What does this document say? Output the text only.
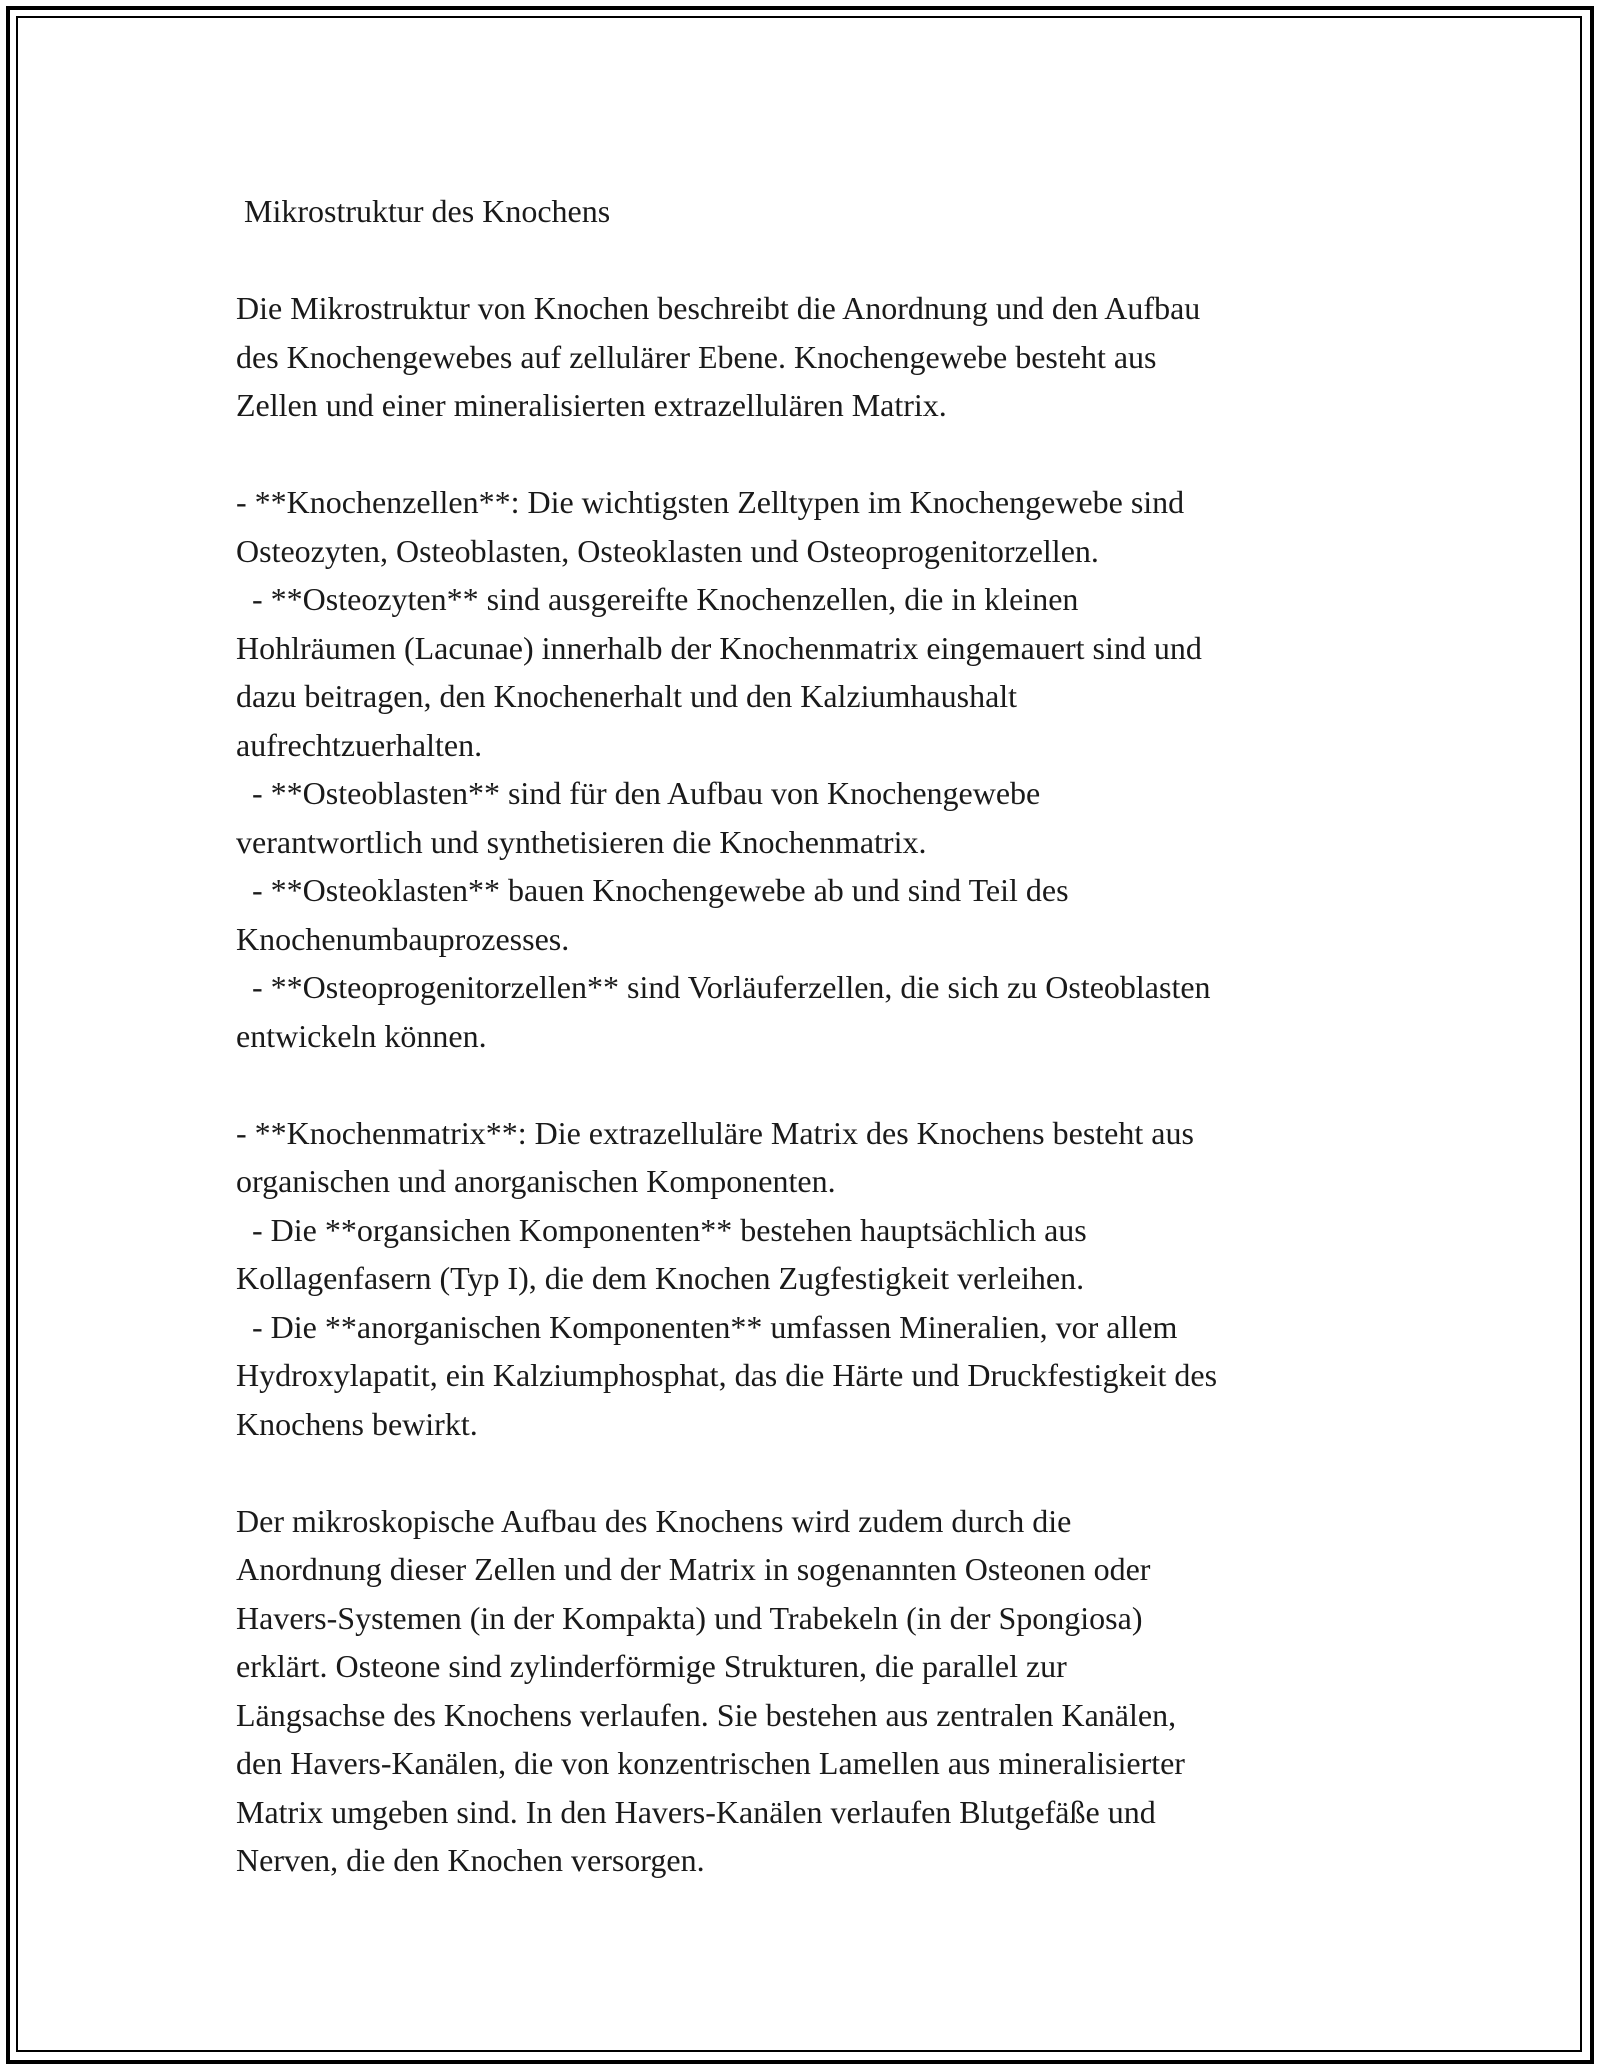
Mikrostruktur des Knochens

Die Mikrostruktur von Knochen beschreibt die Anordnung und den Aufbau
des Knochengewebes auf zellulärer Ebene. Knochengewebe besteht aus
Zellen und einer mineralisierten extrazellulären Matrix.

- **Knochenzellen**: Die wichtigsten Zelltypen im Knochengewebe sind
Osteozyten, Osteoblasten, Osteoklasten und Osteoprogenitorzellen.
- **Osteozyten** sind ausgereifte Knochenzellen, die in kleinen
Hohlräumen (Lacunae) innerhalb der Knochenmatrix eingemauert sind und
dazu beitragen, den Knochenerhalt und den Kalziumhaushalt
aufrechtzuerhalten.
- **Osteoblasten** sind für den Aufbau von Knochengewebe
verantwortlich und synthetisieren die Knochenmatrix.
- **Osteoklasten** bauen Knochengewebe ab und sind Teil des
Knochenumbauprozesses.
- **Osteoprogenitorzellen** sind Vorläuferzellen, die sich zu Osteoblasten
entwickeln können.

- **Knochenmatrix**: Die extrazelluläre Matrix des Knochens besteht aus
organischen und anorganischen Komponenten.
- Die **organsichen Komponenten** bestehen hauptsächlich aus
Kollagenfasern (Typ I), die dem Knochen Zugfestigkeit verleihen.
- Die **anorganischen Komponenten** umfassen Mineralien, vor allem
Hydroxylapatit, ein Kalziumphosphat, das die Härte und Druckfestigkeit des
Knochens bewirkt.

Der mikroskopische Aufbau des Knochens wird zudem durch die
Anordnung dieser Zellen und der Matrix in sogenannten Osteonen oder
Havers-Systemen (in der Kompakta) und Trabekeln (in der Spongiosa)
erklärt. Osteone sind zylinderförmige Strukturen, die parallel zur
Längsachse des Knochens verlaufen. Sie bestehen aus zentralen Kanälen,
den Havers-Kanälen, die von konzentrischen Lamellen aus mineralisierter
Matrix umgeben sind. In den Havers-Kanälen verlaufen Blutgefäße und
Nerven, die den Knochen versorgen.
